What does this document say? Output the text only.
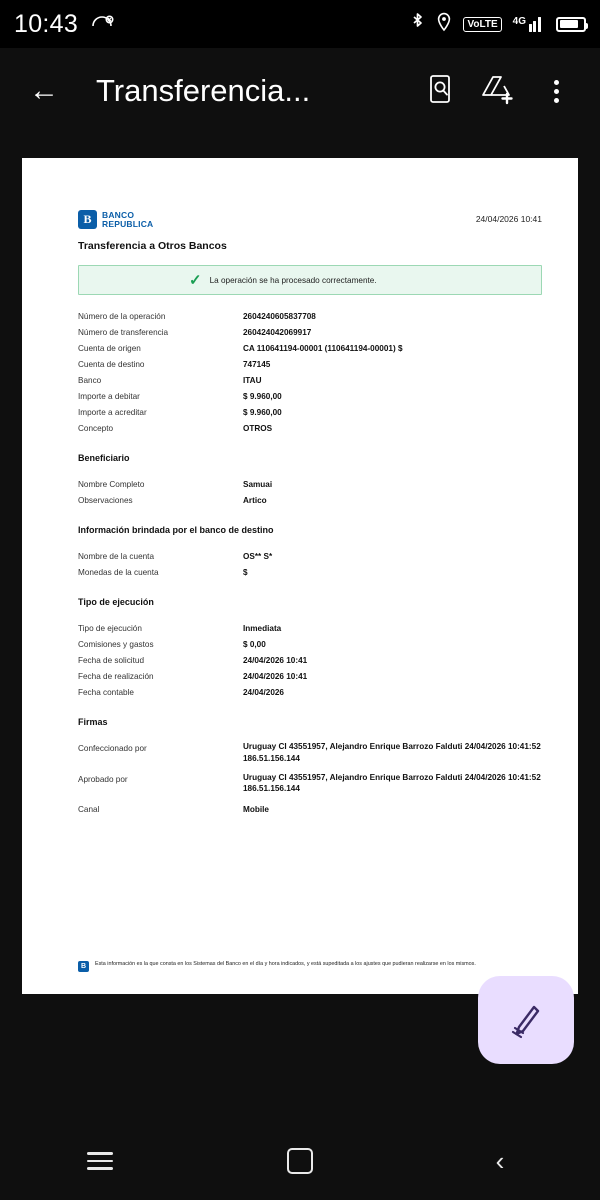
10:43	VoLTE	4G
← Transferencia...
B	BANCO
REPUBLICA	24/04/2026 10:41
Transferencia a Otros Bancos
✓ La operación se ha procesado correctamente.
Número de la operación	2604240605837708
Número de transferencia	260424042069917
Cuenta de origen	CA 110641194-00001 (110641194-00001) $
Cuenta de destino	747145
Banco	ITAU
Importe a debitar	$ 9.960,00
Importe a acreditar	$ 9.960,00
Concepto	OTROS
Beneficiario
Nombre Completo	Samuai
Observaciones	Artico
Información brindada por el banco de destino
Nombre de la cuenta	OS** S*
Monedas de la cuenta	$
Tipo de ejecución
Tipo de ejecución	Inmediata
Comisiones y gastos	$ 0,00
Fecha de solicitud	24/04/2026 10:41
Fecha de realización	24/04/2026 10:41
Fecha contable	24/04/2026
Firmas
Confeccionado por	Uruguay CI 43551957, Alejandro Enrique Barrozo Falduti 24/04/2026 10:41:52 186.51.156.144
Aprobado por	Uruguay CI 43551957, Alejandro Enrique Barrozo Falduti 24/04/2026 10:41:52 186.51.156.144
Canal	Mobile
B	Esta información es la que consta en los Sistemas del Banco en el día y hora indicados, y está supeditada a los ajustes que pudieran realizarse en los mismos.
‹
